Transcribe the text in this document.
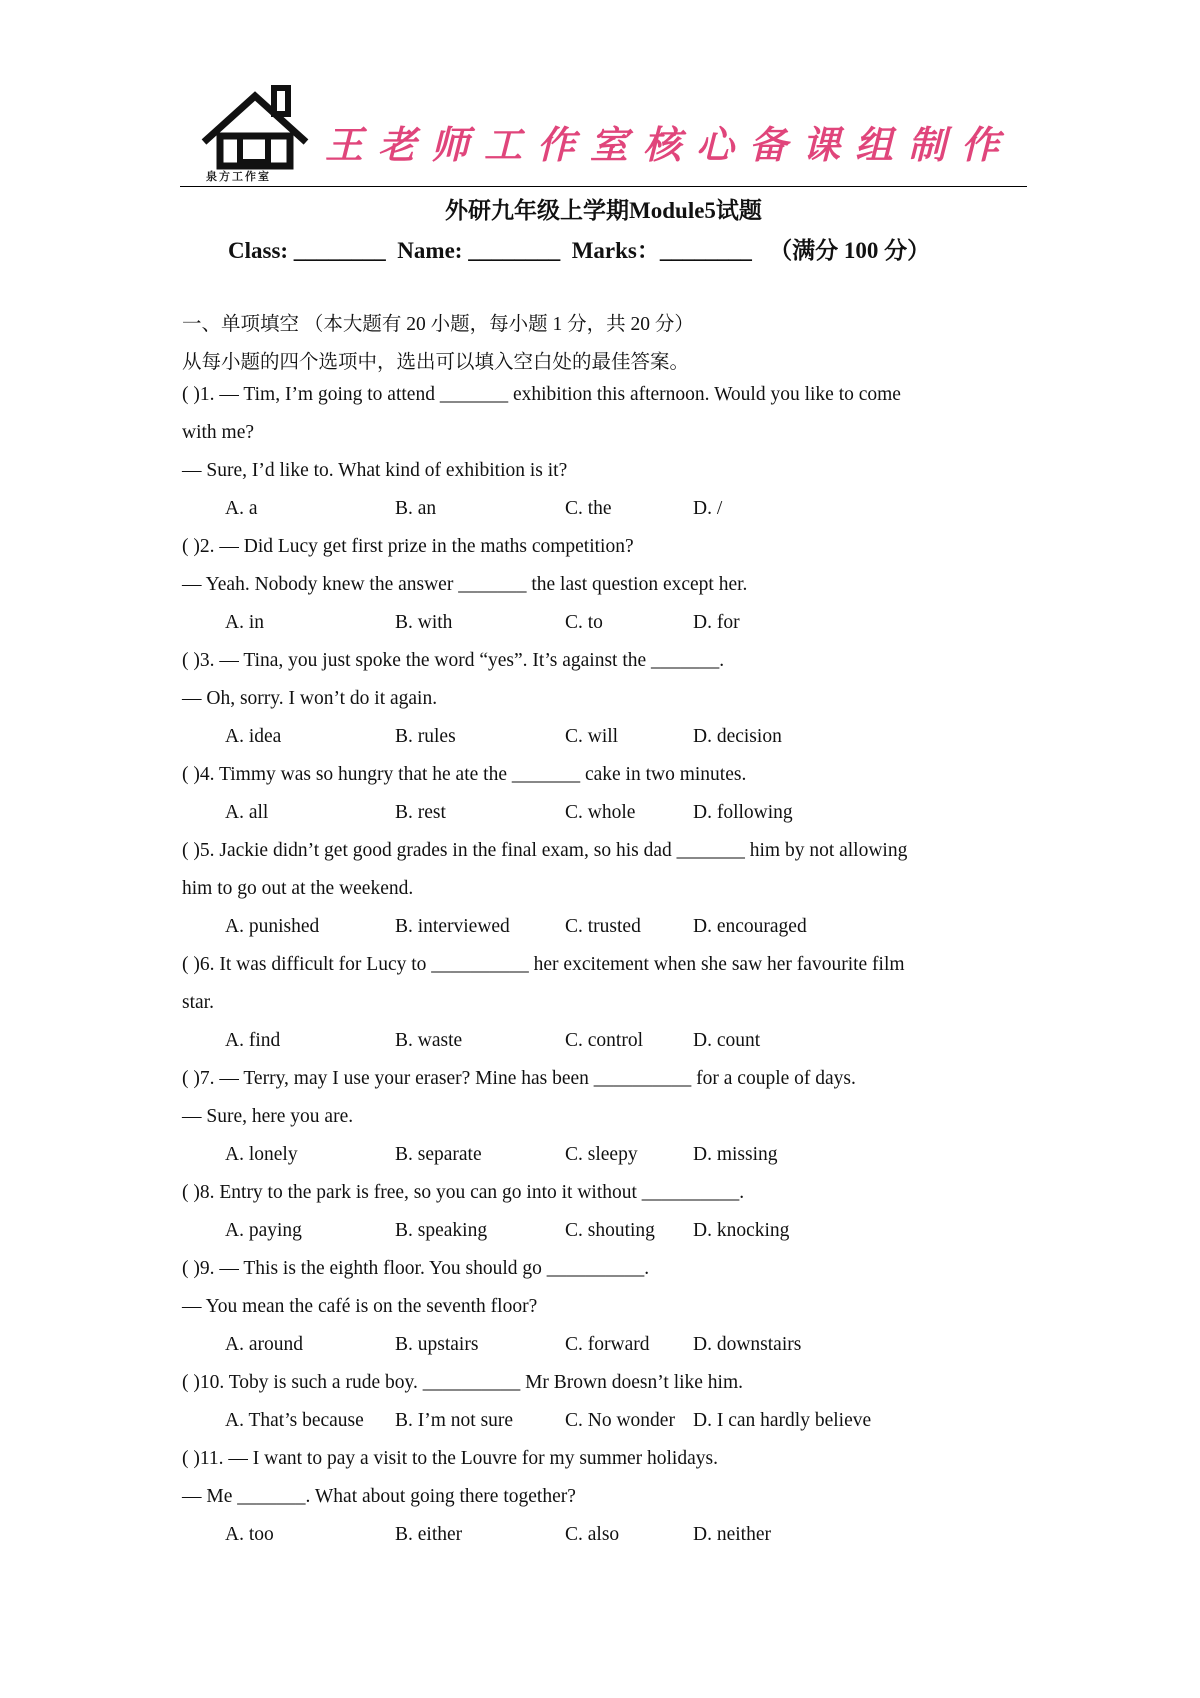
泉方工作室
王老师工作室核心备课组制作
外研九年级上学期Module5试题
Class: ________  Name: ________  Marks：________   （满分 100 分）
一、单项填空 （本大题有 20 小题，每小题 1 分，共 20 分）
从每小题的四个选项中，选出可以填入空白处的最佳答案。
( )1. — Tim, I’m going to attend _______ exhibition this afternoon. Would you like to come
with me?
— Sure, I’d like to. What kind of exhibition is it?
A. a	B. an	C. the	D. /
( )2. — Did Lucy get first prize in the maths competition?
— Yeah. Nobody knew the answer _______ the last question except her.
A. in	B. with	C. to	D. for
( )3. — Tina, you just spoke the word “yes”. It’s against the _______.
— Oh, sorry. I won’t do it again.
A. idea	B. rules	C. will	D. decision
( )4. Timmy was so hungry that he ate the _______ cake in two minutes.
A. all	B. rest	C. whole	D. following
( )5. Jackie didn’t get good grades in the final exam, so his dad _______ him by not allowing
him to go out at the weekend.
A. punished	B. interviewed	C. trusted	D. encouraged
( )6. It was difficult for Lucy to __________ her excitement when she saw her favourite film
star.
A. find	B. waste	C. control	D. count
( )7. — Terry, may I use your eraser? Mine has been __________ for a couple of days.
— Sure, here you are.
A. lonely	B. separate	C. sleepy	D. missing
( )8. Entry to the park is free, so you can go into it without __________.
A. paying	B. speaking	C. shouting D. knocking
( )9. — This is the eighth floor. You should go __________.
— You mean the café is on the seventh floor?
A. around	B. upstairs	C. forward D. downstairs
( )10. Toby is such a rude boy. __________ Mr Brown doesn’t like him.
A. That’s because B. I’m not sure	C. No wonder D. I can hardly believe
( )11. — I want to pay a visit to the Louvre for my summer holidays.
— Me _______. What about going there together?
A. too	B. either	C. also	D. neither
